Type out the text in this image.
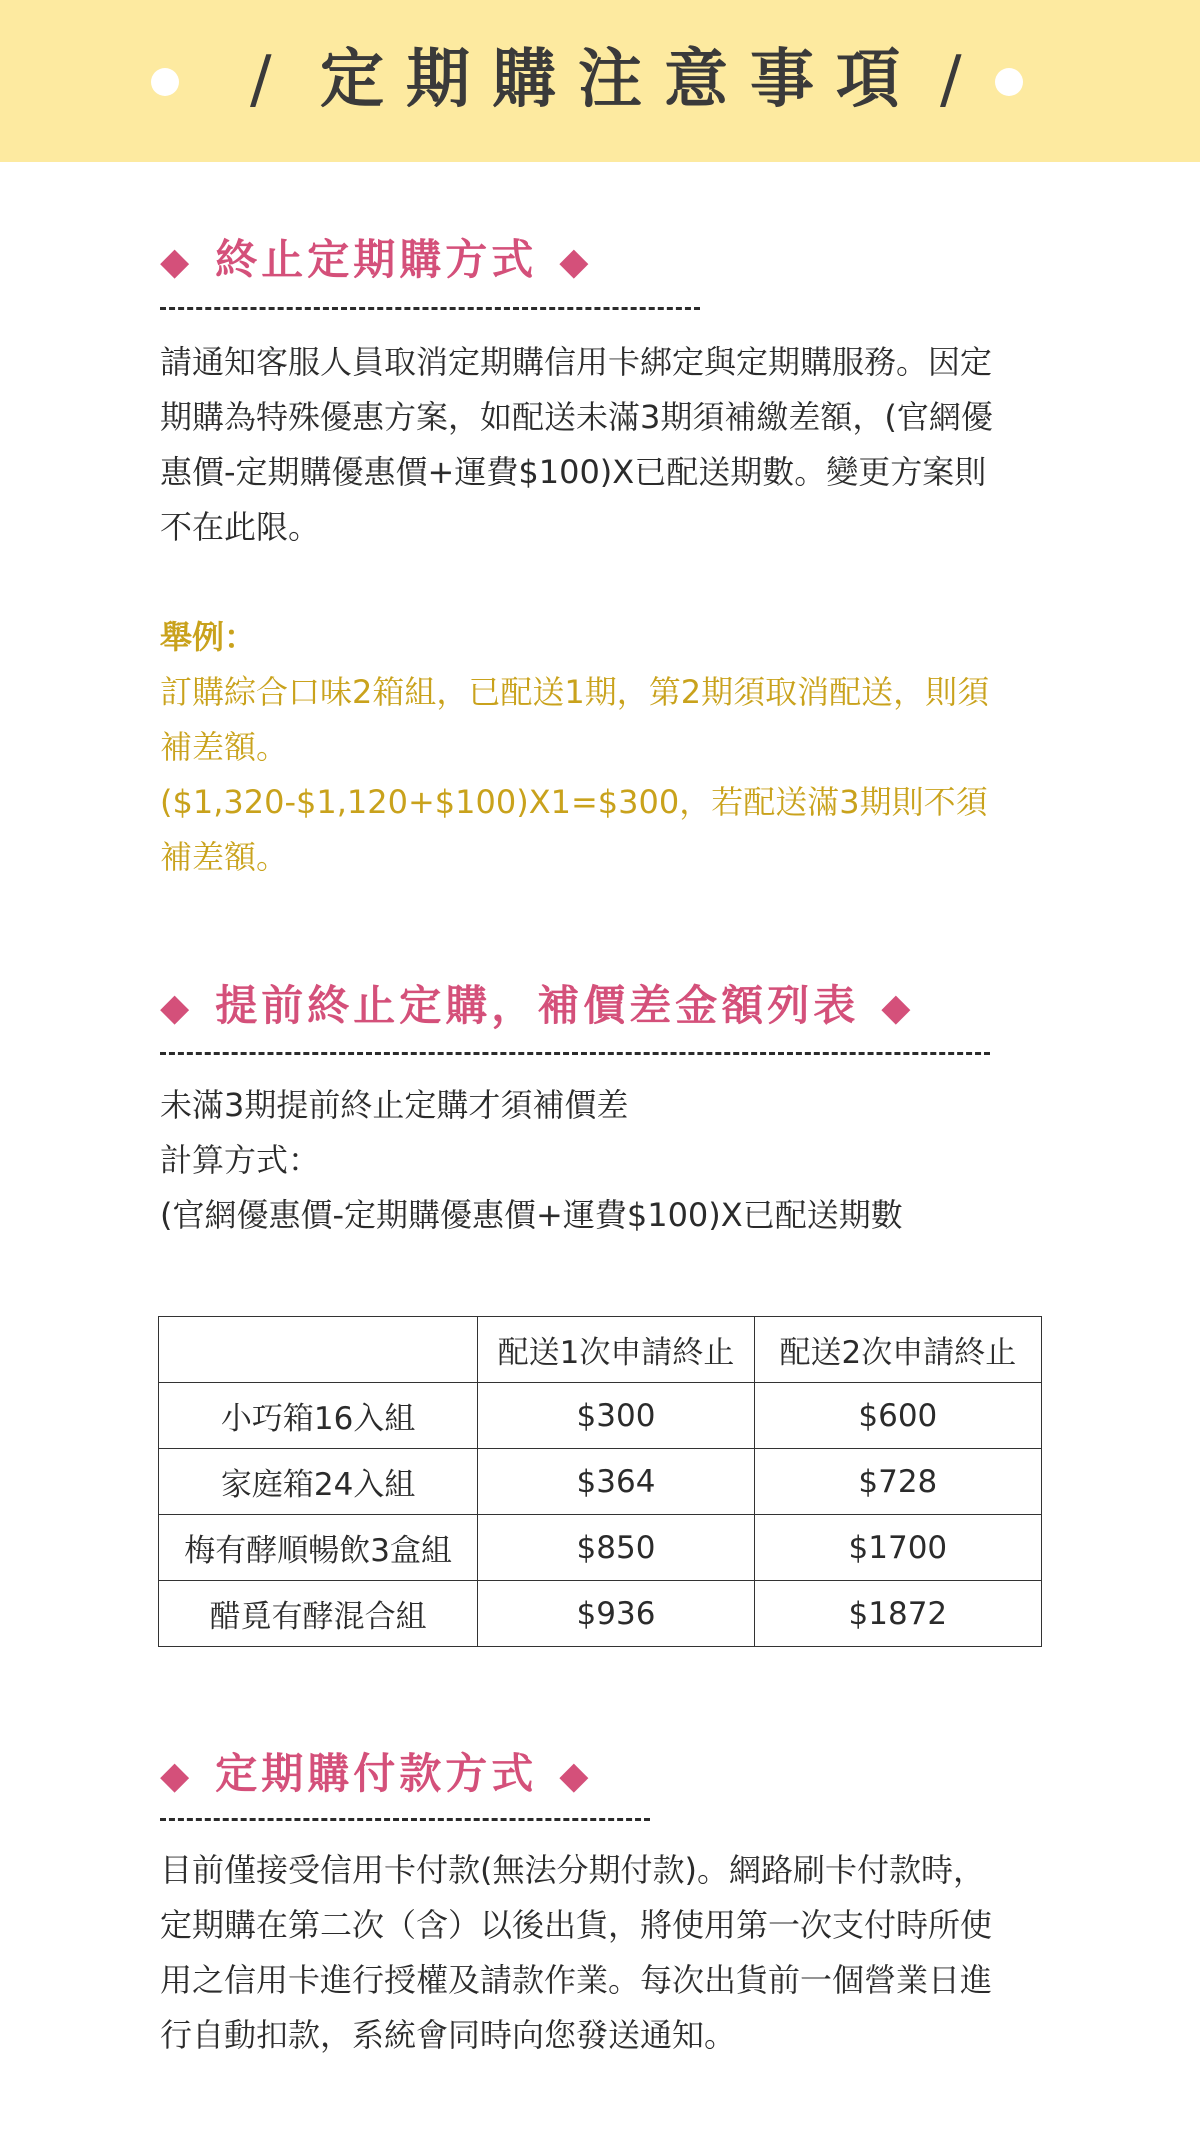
/ 定期購注意事項 /
◆ 終止定期購方式 ◆

請通知客服人員取消定期購信用卡綁定與定期購服務。因定
期購為特殊優惠方案，如配送未滿3期須補繳差額，(官網優
惠價-定期購優惠價+運費$100)X已配送期數。變更方案則
不在此限。

舉例：
訂購綜合口味2箱組，已配送1期，第2期須取消配送，則須
補差額。
($1,320-$1,120+$100)X1=$300，若配送滿3期則不須
補差額。

◆ 提前終止定購，補價差金額列表 ◆

未滿3期提前終止定購才須補價差
計算方式：
(官網優惠價-定期購優惠價+運費$100)X已配送期數

	配送1次申請終止	配送2次申請終止
小巧箱16入組	$300	$600
家庭箱24入組	$364	$728
梅有酵順暢飲3盒組	$850	$1700
醋覓有酵混合組	$936	$1872
◆ 定期購付款方式 ◆

目前僅接受信用卡付款(無法分期付款)。網路刷卡付款時，
定期購在第二次（含）以後出貨，將使用第一次支付時所使
用之信用卡進行授權及請款作業。每次出貨前一個營業日進
行自動扣款，系統會同時向您發送通知。
